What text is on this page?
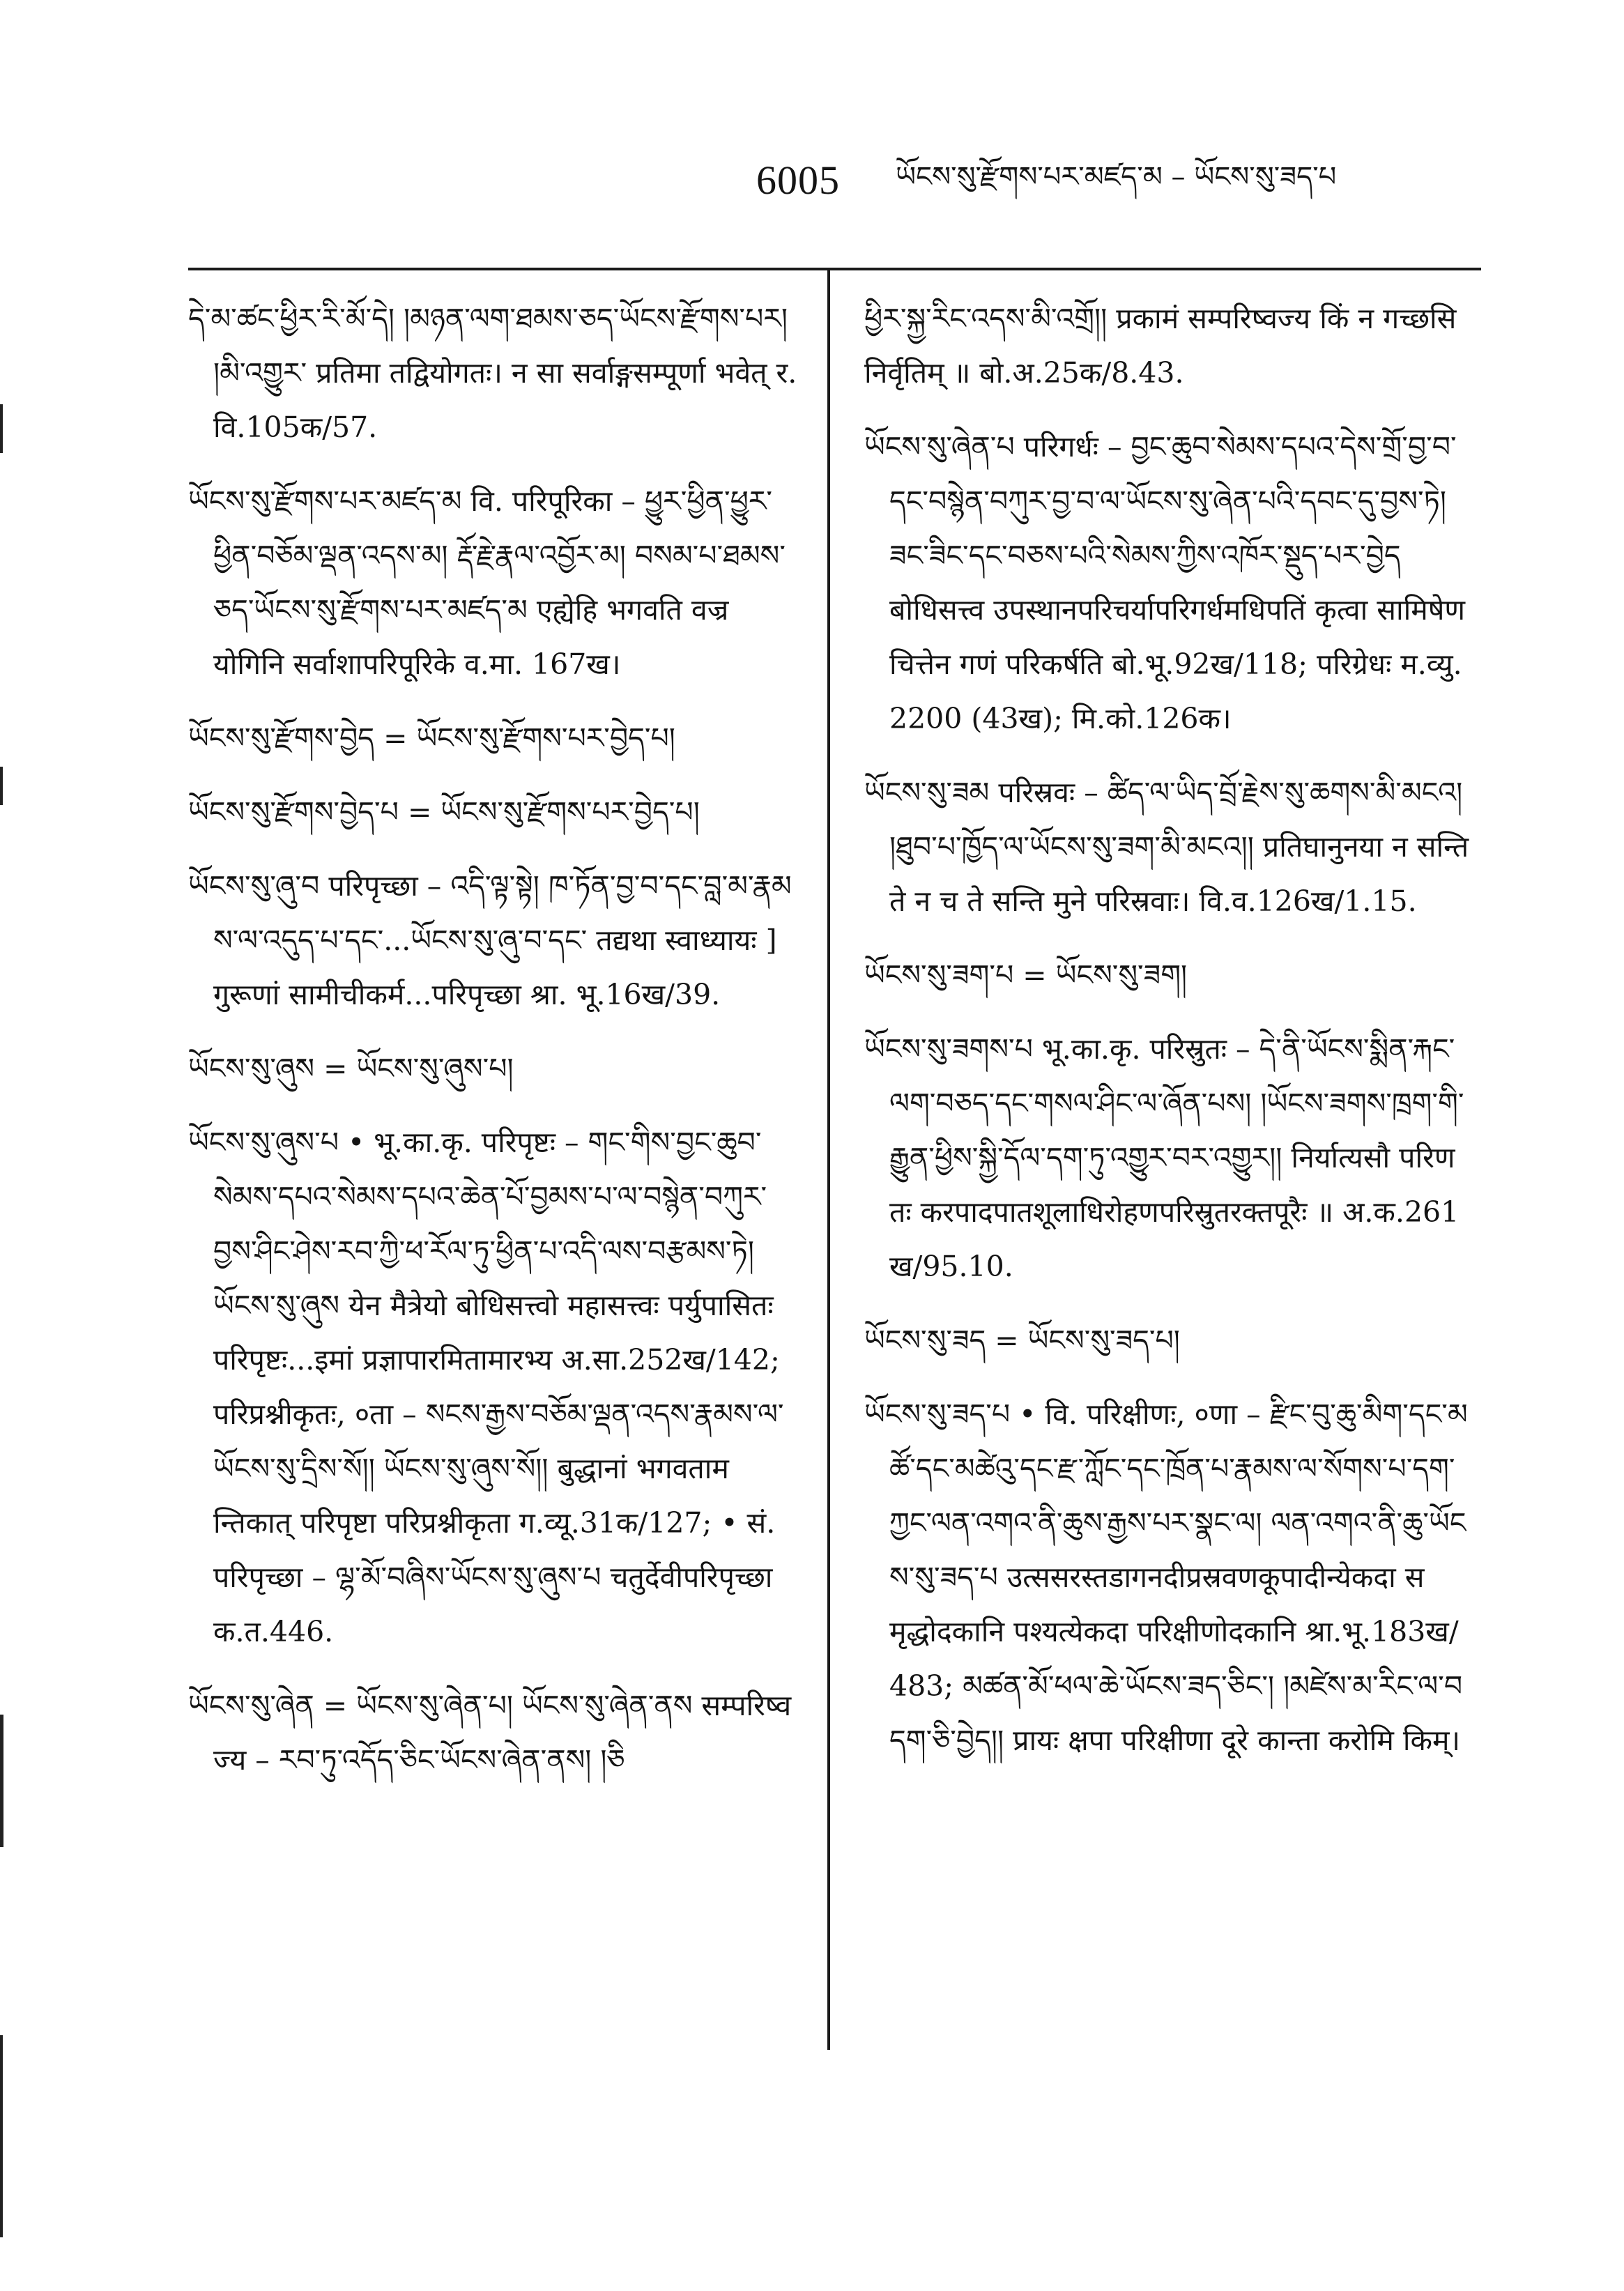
6005 ཡོངས་སུ་རྫོགས་པར་མཛད་མ – ཡོངས་སུ་ཟད་པ
དེ་མ་ཚང་ཕྱིར་རི་མོ་དེ། །མཉན་ལག་ཐམས་ཅད་ཡོངས་རྫོགས་པར། །མི་འགྱུར་ प्रतिमा तद्वियोगतः। न सा सर्वाङ्गसम्पूर्णा भवेत् र.वि.105क/57.
ཡོངས་སུ་རྫོགས་པར་མཛད་མ वि. परिपूरिका – ཕྱུར་ཕྱིན་ཕྱུར་ཕྱིན་བཅོམ་ལྡན་འདས་མ། རྡོ་རྗེ་རྣལ་འབྱོར་མ། བསམ་པ་ཐམས་ཅད་ཡོངས་སུ་རྫོགས་པར་མཛད་མ एह्येहि भगवति वज्रयोगिनि सर्वाशापरिपूरिके व.मा. 167ख।
ཡོངས་སུ་རྫོགས་བྱེད = ཡོངས་སུ་རྫོགས་པར་བྱེད་པ།
ཡོངས་སུ་རྫོགས་བྱེད་པ = ཡོངས་སུ་རྫོགས་པར་བྱེད་པ།
ཡོངས་སུ་ཞུ་བ परिपृच्छा – འདི་ལྟ་སྟེ། ཁ་ཏོན་བྱ་བ་དང་བླ་མ་རྣམས་ལ་འདུད་པ་དང་...ཡོངས་སུ་ཞུ་བ་དང་ तद्यथा स्वाध्यायः ]गुरूणां सामीचीकर्म...परिपृच्छा श्रा. भू.16ख/39.
ཡོངས་སུ་ཞུས = ཡོངས་སུ་ཞུས་པ།
ཡོངས་སུ་ཞུས་པ • भू.का.कृ. परिपृष्टः – གང་གིས་བྱང་ཆུབ་སེམས་དཔའ་སེམས་དཔའ་ཆེན་པོ་བྱམས་པ་ལ་བསྙེན་བཀུར་བྱས་ཤིང་ཤེས་རབ་ཀྱི་ཕ་རོལ་ཏུ་ཕྱིན་པ་འདི་ལས་བརྩམས་ཏེ། ཡོངས་སུ་ཞུས येन मैत्रेयो बोधिसत्त्वो महासत्त्वः पर्युपासितः परिपृष्टः...इमां प्रज्ञापारमितामारभ्य अ.सा.252ख/142; परिप्रश्नीकृतः, ०ता – སངས་རྒྱས་བཅོམ་ལྡན་འདས་རྣམས་ལ་ཡོངས་སུ་དྲིས་སོ།། ཡོངས་སུ་ཞུས་སོ།། बुद्धानां भगवतामन्तिकात् परिपृष्टा परिप्रश्नीकृता ग.व्यू.31क/127; • सं. परिपृच्छा – ལྷ་མོ་བཞིས་ཡོངས་སུ་ཞུས་པ चतुर्देवीपरिपृच्छा क.त.446.
ཡོངས་སུ་ཞེན = ཡོངས་སུ་ཞེན་པ། ཡོངས་སུ་ཞེན་ནས सम्परिष्वज्य – རབ་ཏུ་འདོད་ཅིང་ཡོངས་ཞེན་ནས། །ཅི
ཕྱིར་སྐྱ་རིང་འདས་མི་འགྲོ།། प्रकामं सम्परिष्वज्य किं न गच्छसि निर्वृतिम् ॥ बो.अ.25क/8.43.
ཡོངས་སུ་ཞེན་པ परिगर्धः – བྱང་ཆུབ་སེམས་དཔའ་དེས་གྲོ་བྱ་བ་དང་བསྙེན་བཀུར་བྱ་བ་ལ་ཡོངས་སུ་ཞེན་པའི་དབང་དུ་བྱས་ཏེ། ཟང་ཟིང་དང་བཅས་པའི་སེམས་ཀྱིས་འཁོར་སྡུད་པར་བྱེད बोधिसत्त्व उपस्थानपरिचर्यापरिगर्धमधिपतिं कृत्वा सामिषेण चित्तेन गणं परिकर्षति बो.भू.92ख/118; परिग्रेधः म.व्यु.2200 (43ख); मि.को.126क।
ཡོངས་སུ་ཟམ परिस्रवः – ཚིད་ལ་ཡིད་བྲོ་རྗེས་སུ་ཆགས་མི་མངའ། །ཐུབ་པ་ཁྱོད་ལ་ཡོངས་སུ་ཟག་མི་མངའ།། प्रतिघानुनया न सन्ति ते न च ते सन्ति मुने परिस्रवाः। वि.व.126ख/1.15.
ཡོངས་སུ་ཟག་པ = ཡོངས་སུ་ཟག།
ཡོངས་སུ་ཟགས་པ भू.का.कृ. परिस्रुतः – དེ་ནི་ཡོངས་སྨིན་རྐང་ལག་བཅད་དང་གསལ་ཤིང་ལ་ཞོན་པས། །ཡོངས་ཟགས་ཁྲག་གི་རྒྱུན་ཕྱིས་སྐྱི་དོལ་དག་ཏུ་འགྱུར་བར་འགྱུར།། निर्यात्यसौ परिणतः करपादपातशूलाधिरोहणपरिस्रुतरक्तपूरैः ॥ अ.क.261ख/95.10.
ཡོངས་སུ་ཟད = ཡོངས་སུ་ཟད་པ།
ཡོངས་སུ་ཟད་པ • वि. परिक्षीणः, ०णा – རྫིང་བུ་ཆུ་མིག་དང་མཚོ་དང་མཚེའུ་དང་རྫ་ཀློང་དང་ཁྲོན་པ་རྣམས་ལ་སོགས་པ་དག་ཀྱང་ལན་འགའ་ནི་ཆུས་རྒྱས་པར་སྣང་ལ། ལན་འགའ་ནི་ཆུ་ཡོངས་སུ་ཟད་པ उत्ससरस्तडागनदीप्रस्रवणकूपादीन्येकदा समृद्धोदकानि पश्यत्येकदा परिक्षीणोदकानि श्रा.भू.183ख/483; མཚན་མོ་ཕལ་ཆེ་ཡོངས་ཟད་ཅིང་། །མཛེས་མ་རིང་ལ་བདག་ཅི་བྱེད།། प्रायः क्षपा परिक्षीणा दूरे कान्ता करोमि किम्।
